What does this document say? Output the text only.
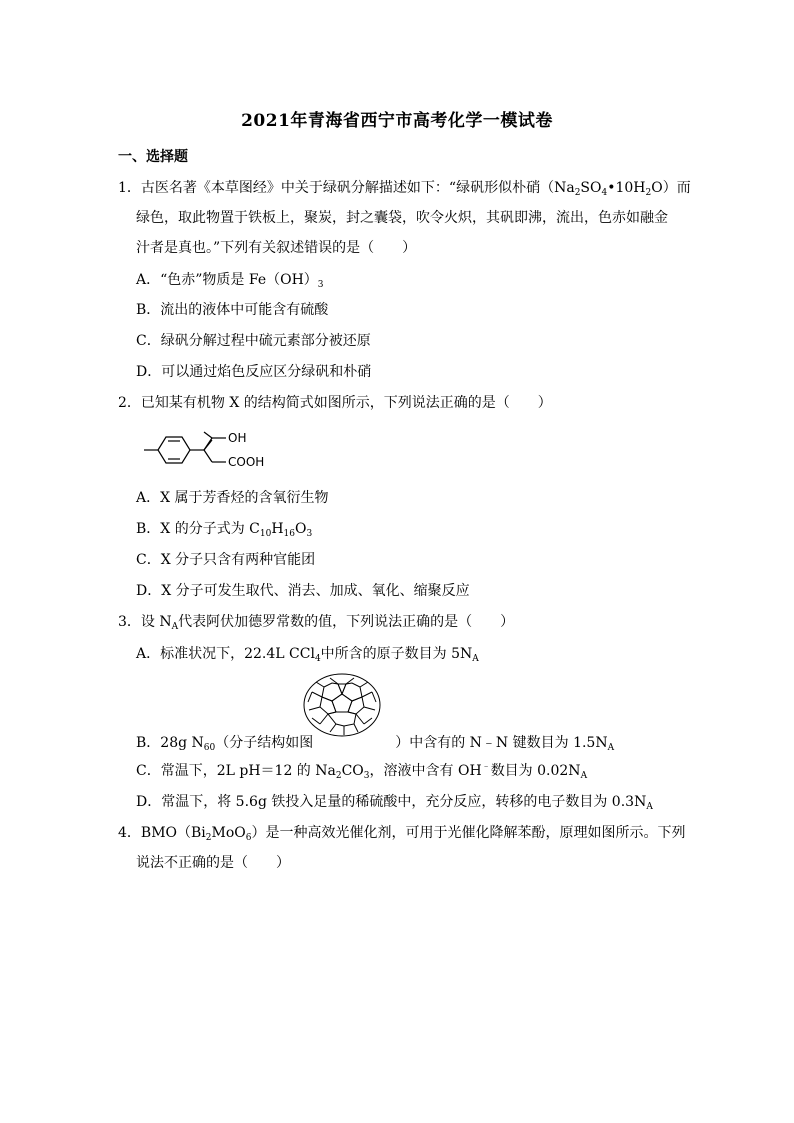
2021年青海省西宁市高考化学一模试卷
一、选择题
1．古医名著《本草图经》中关于绿矾分解描述如下：“绿矾形似朴硝$(Na_2SO_4•10H_2O)$而
绿色，取此物置于铁板上，聚炭，封之囊袋，吹令火炽，其矾即沸，流出，色赤如融金
汁者是真也。”下列有关叙述错误的是（　　）
A．“色赤”物质是 $Fe(OH)_3$
B．流出的液体中可能含有硫酸
C．绿矾分解过程中硫元素部分被还原
D．可以通过焰色反应区分绿矾和朴硝
2．已知某有机物 X 的结构简式如图所示，下列说法正确的是（　　）
OH
COOH
A．X 属于芳香烃的含氧衍生物
B．X 的分子式为 $C_{10}H_{16}O_3$
C．X 分子只含有两种官能团
D．X 分子可发生取代、消去、加成、氧化、缩聚反应
3．设 $N_A$代表阿伏加德罗常数的值，下列说法正确的是（　　）
A．标准状况下，22.4L CCl$_4$中所含的原子数目为 $5N_A$
B．28g $N_{60}$（分子结构如图	）中含有的 N﹣N 键数目为 $1.5N_A$
C．常温下，2L pH＝12 的 $Na_2CO_3$，溶液中含有 OH﹣数目为 $0.02N_A$
D．常温下，将 5.6g 铁投入足量的稀硫酸中，充分反应，转移的电子数目为 $0.3N_A$
4．$BMO(Bi_2MoO_6)$是一种高效光催化剂，可用于光催化降解苯酚，原理如图所示。下列
说法不正确的是（　　）
